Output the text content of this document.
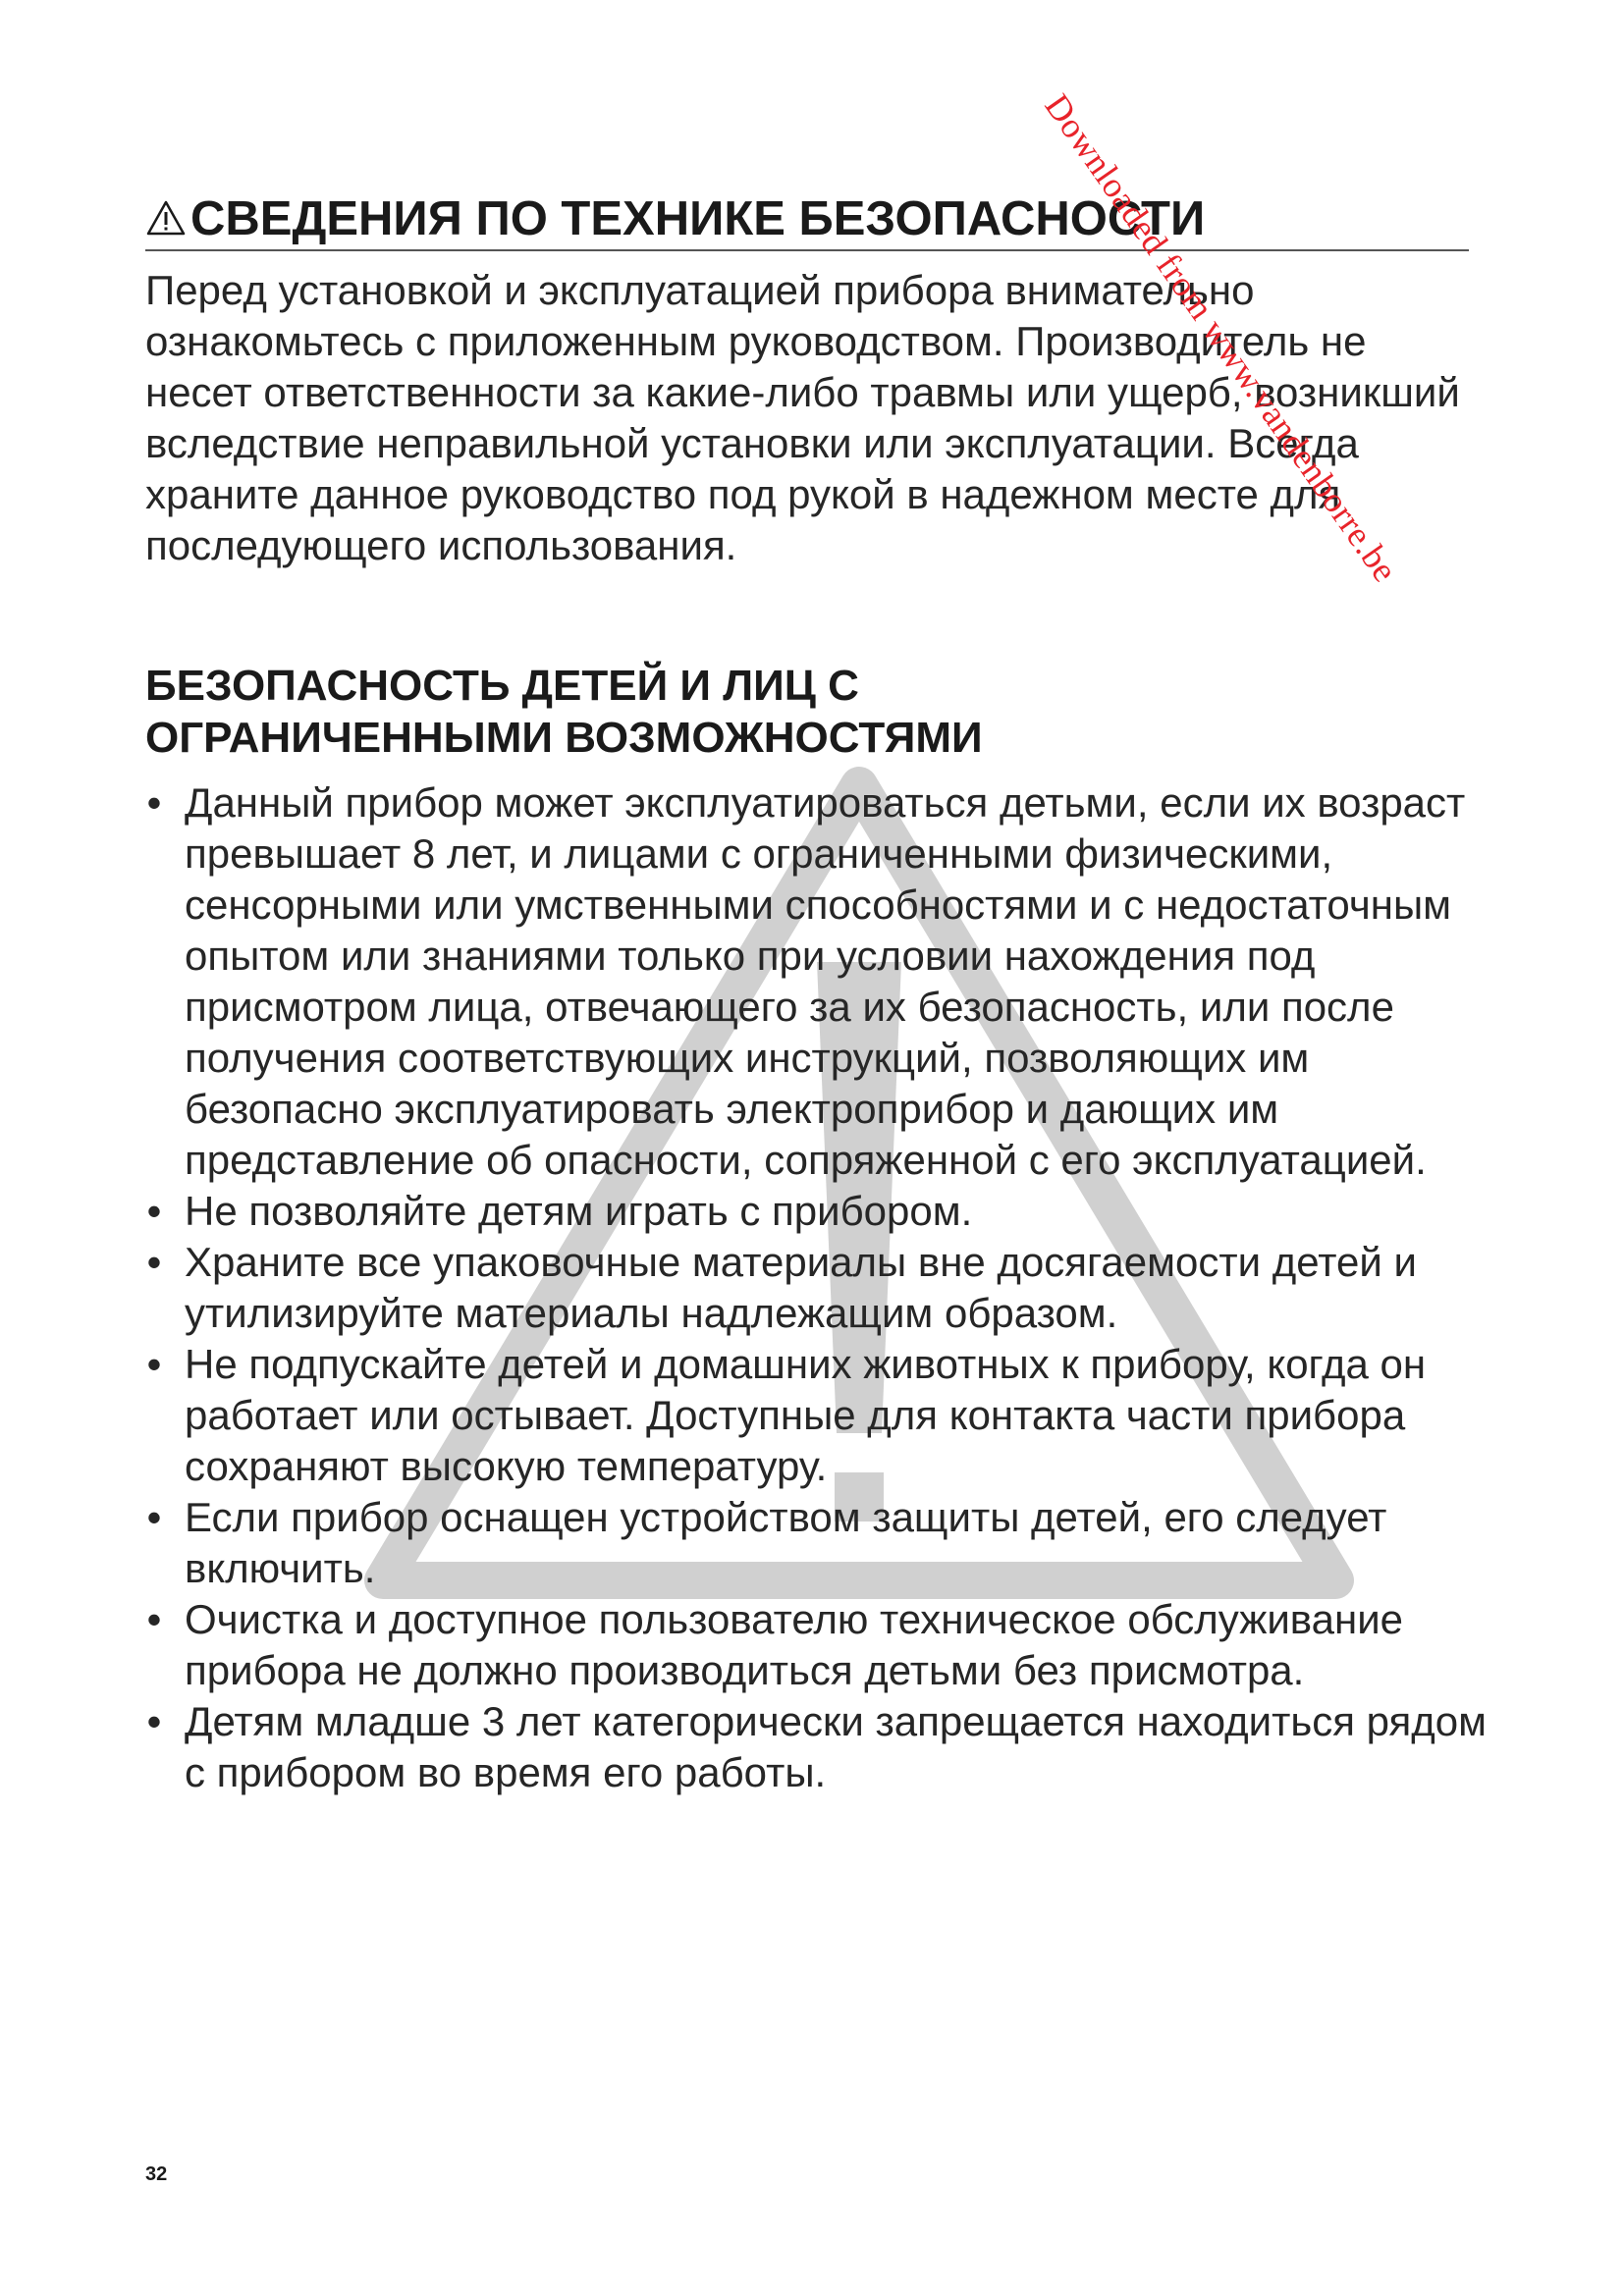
СВЕДЕНИЯ ПО ТЕХНИКЕ БЕЗОПАСНОСТИ

Перед установкой и эксплуатацией прибора внимательно ознакомьтесь с приложенным руководством. Производитель не несет ответственности за какие-либо травмы или ущерб, возникший вследствие неправильной установки или эксплуатации. Всегда храните данное руководство под рукой в надежном месте для последующего использования.

БЕЗОПАСНОСТЬ ДЕТЕЙ И ЛИЦ С
ОГРАНИЧЕННЫМИ ВОЗМОЖНОСТЯМИ
• Данный прибор может эксплуатироваться детьми, если их возраст превышает 8 лет, и лицами с ограниченными физическими, сенсорными или умственными способностями и с недостаточным опытом или знаниями только при условии нахождения под присмотром лица, отвечающего за их безопасность, или после получения соответствующих инструкций, позволяющих им безопасно эксплуатировать электроприбор и дающих им представление об опасности, сопряженной с его эксплуатацией.
• Не позволяйте детям играть с прибором.
• Храните все упаковочные материалы вне досягаемости детей и утилизируйте материалы надлежащим образом.
• Не подпускайте детей и домашних животных к прибору, когда он работает или остывает. Доступные для контакта части прибора сохраняют высокую температуру.
• Если прибор оснащен устройством защиты детей, его следует включить.
• Очистка и доступное пользователю техническое обслуживание прибора не должно производиться детьми без присмотра.
• Детям младше 3 лет категорически запрещается находиться рядом с прибором во время его работы.
Downloaded from www.vandenborre.be
32
